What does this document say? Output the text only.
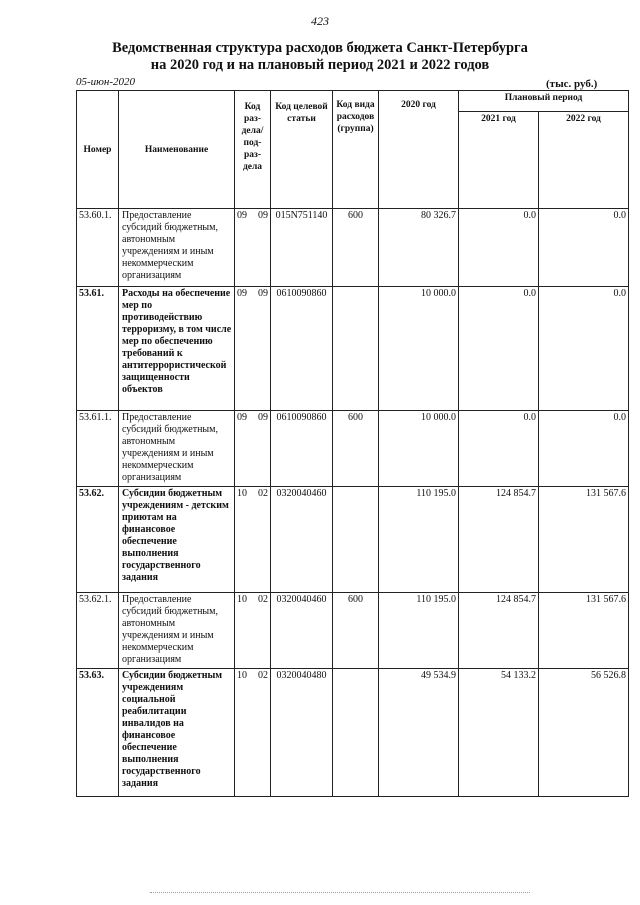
423
Ведомственная структура расходов бюджета Санкт-Петербурга
на 2020 год и на плановый период 2021 и 2022 годов
05-июн-2020	(тыс. руб.)
Номер	Наименование	Код раз-дела/ под-раз-дела	Код целевой статьи	Код вида расходов (группа)	2020 год	Плановый период	
						2021 год	2022 год
53.60.1.	Предоставление субсидий бюджетным, автономным учреждениям и иным некоммерческим организациям	09 09	015N751140	600	80 326.7	0.0	0.0
53.61.	Расходы на обеспечение мер по противодействию терроризму, в том числе мер по обеспечению требований к антитеррористической защищенности объектов	09 09	0610090860		10 000.0	0.0	0.0
53.61.1.	Предоставление субсидий бюджетным, автономным учреждениям и иным некоммерческим организациям	09 09	0610090860	600	10 000.0	0.0	0.0
53.62.	Субсидии бюджетным учреждениям - детским приютам на финансовое обеспечение выполнения государственного задания	10 02	0320040460		110 195.0	124 854.7	131 567.6
53.62.1.	Предоставление субсидий бюджетным, автономным учреждениям и иным некоммерческим организациям	10 02	0320040460	600	110 195.0	124 854.7	131 567.6
53.63.	Субсидии бюджетным учреждениям социальной реабилитации инвалидов на финансовое обеспечение выполнения государственного задания	10 02	0320040480		49 534.9	54 133.2	56 526.8
